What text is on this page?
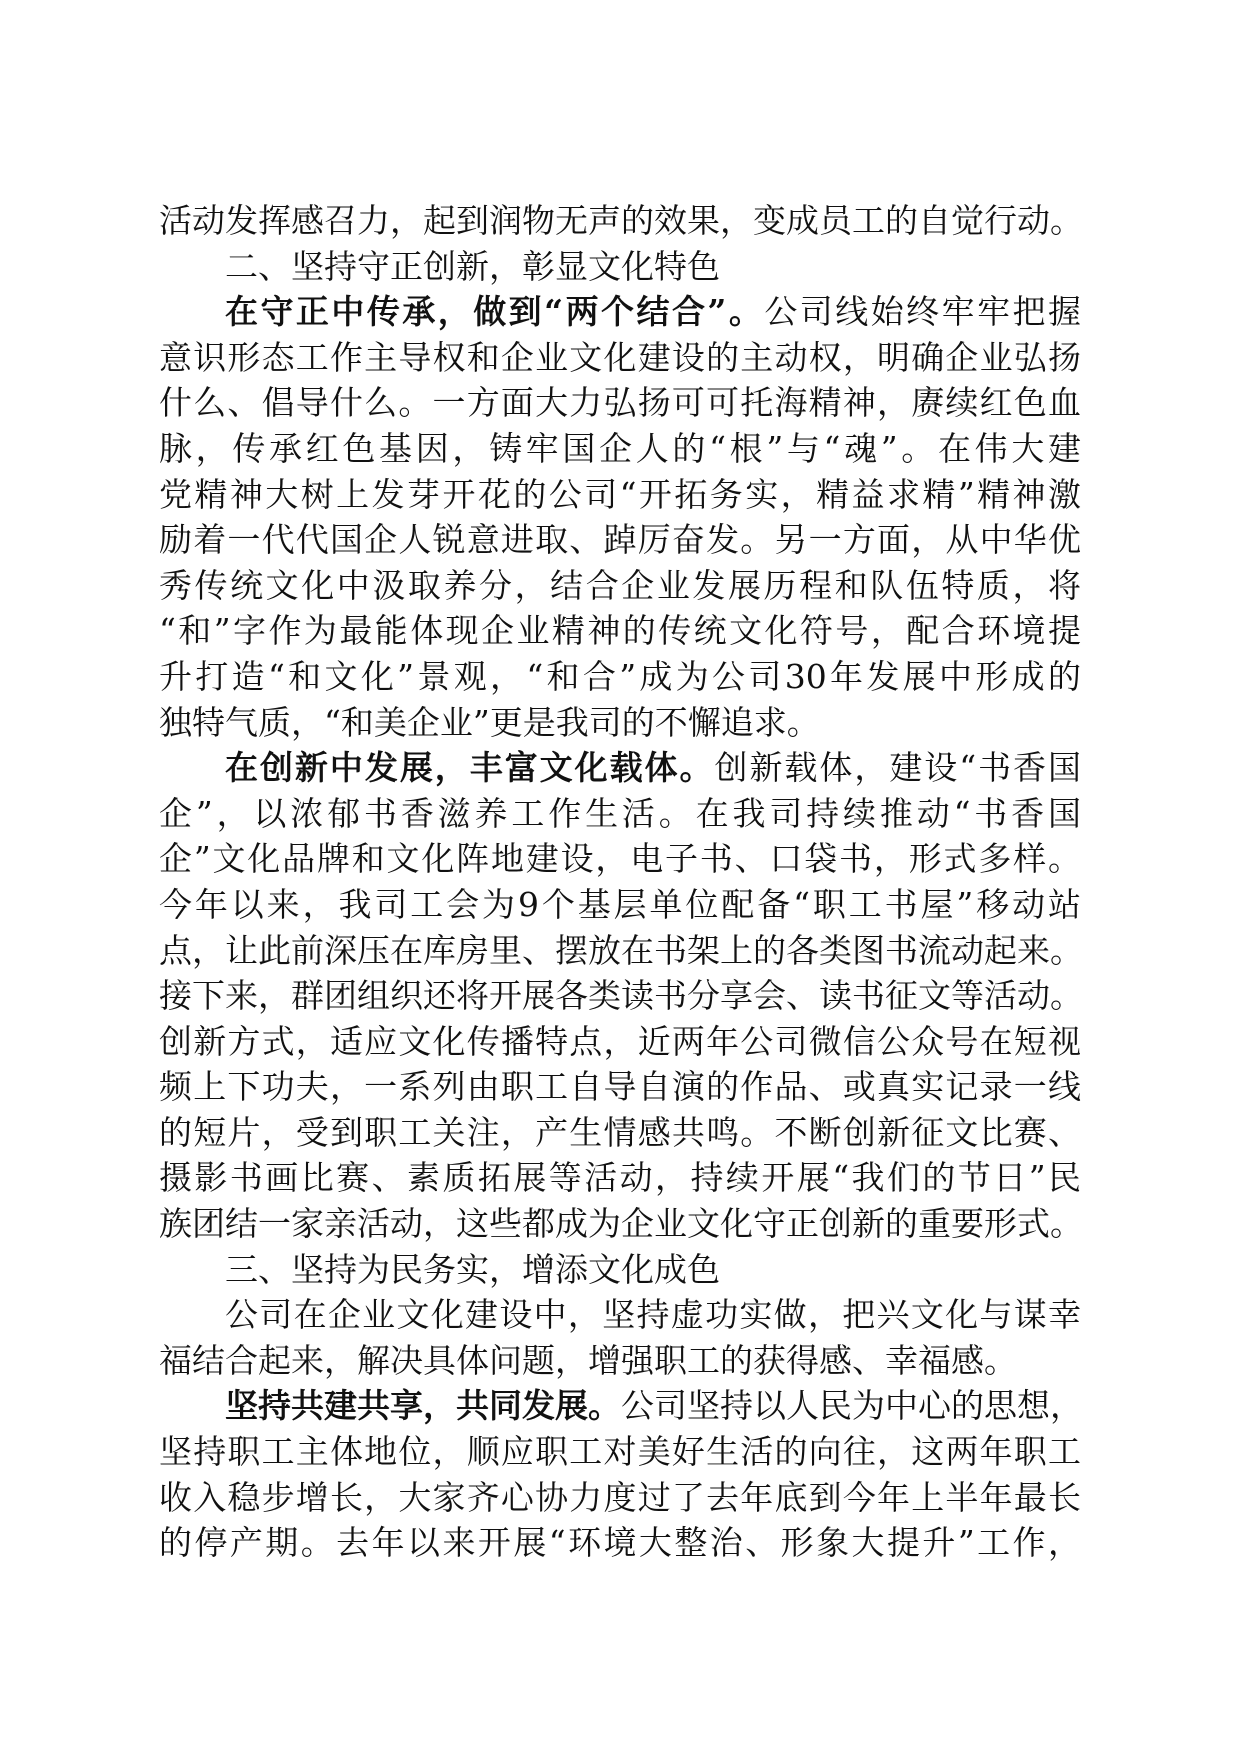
活动发挥感召力，起到润物无声的效果，变成员工的自觉行动。

二、坚持守正创新，彰显文化特色

在守正中传承，做到“两个结合”。公司线始终牢牢把握
意识形态工作主导权和企业文化建设的主动权，明确企业弘扬
什么、倡导什么。一方面大力弘扬可可托海精神，赓续红色血
脉，传承红色基因，铸牢国企人的“根”与“魂”。在伟大建
党精神大树上发芽开花的公司“开拓务实，精益求精”精神激
励着一代代国企人锐意进取、踔厉奋发。另一方面，从中华优
秀传统文化中汲取养分，结合企业发展历程和队伍特质，将
“和”字作为最能体现企业精神的传统文化符号，配合环境提
升打造“和文化”景观，“和合”成为公司30年发展中形成的
独特气质，“和美企业”更是我司的不懈追求。

在创新中发展，丰富文化载体。创新载体，建设“书香国
企”，以浓郁书香滋养工作生活。在我司持续推动“书香国
企”文化品牌和文化阵地建设，电子书、口袋书，形式多样。
今年以来，我司工会为9个基层单位配备“职工书屋”移动站
点，让此前深压在库房里、摆放在书架上的各类图书流动起来。
接下来，群团组织还将开展各类读书分享会、读书征文等活动。
创新方式，适应文化传播特点，近两年公司微信公众号在短视
频上下功夫，一系列由职工自导自演的作品、或真实记录一线
的短片，受到职工关注，产生情感共鸣。不断创新征文比赛、
摄影书画比赛、素质拓展等活动，持续开展“我们的节日”民
族团结一家亲活动，这些都成为企业文化守正创新的重要形式。

三、坚持为民务实，增添文化成色

公司在企业文化建设中，坚持虚功实做，把兴文化与谋幸
福结合起来，解决具体问题，增强职工的获得感、幸福感。

坚持共建共享，共同发展。公司坚持以人民为中心的思想，
坚持职工主体地位，顺应职工对美好生活的向往，这两年职工
收入稳步增长，大家齐心协力度过了去年底到今年上半年最长
的停产期。去年以来开展“环境大整治、形象大提升”工作，
